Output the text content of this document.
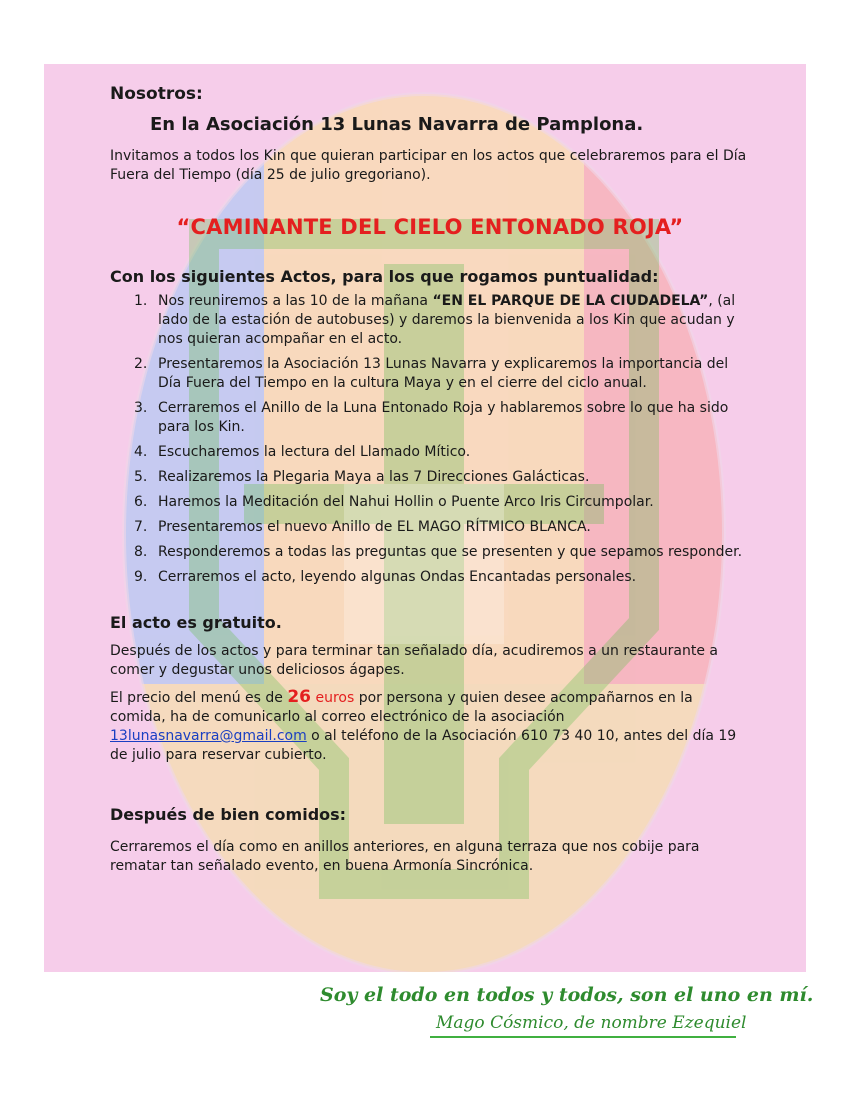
Nosotros:
En la Asociación 13 Lunas Navarra de Pamplona.

Invitamos a todos los Kin que quieran participar en los actos que celebraremos para el Día Fuera del Tiempo (día 25 de julio gregoriano).

“CAMINANTE DEL CIELO ENTONADO ROJA”
Con los siguientes Actos, para los que rogamos puntualidad:
1. Nos reuniremos a las 10 de la mañana “EN EL PARQUE DE LA CIUDADELA”, (al lado de la estación de autobuses) y daremos la bienvenida a los Kin que acudan y nos quieran acompañar en el acto.
2. Presentaremos la Asociación 13 Lunas Navarra y explicaremos la importancia del Día Fuera del Tiempo en la cultura Maya y en el cierre del ciclo anual.
3. Cerraremos el Anillo de la Luna Entonado Roja y hablaremos sobre lo que ha sido para los Kin.
4. Escucharemos la lectura del Llamado Mítico.
5. Realizaremos la Plegaria Maya a las 7 Direcciones Galácticas.
6. Haremos la Meditación del Nahui Hollin o Puente Arco Iris Circumpolar.
7. Presentaremos el nuevo Anillo de EL MAGO RÍTMICO BLANCA.
8. Responderemos a todas las preguntas que se presenten y que sepamos responder.
9. Cerraremos el acto, leyendo algunas Ondas Encantadas personales.
El acto es gratuito.

Después de los actos y para terminar tan señalado día, acudiremos a un restaurante a comer y degustar unos deliciosos ágapes.

El precio del menú es de 26 euros por persona y quien desee acompañarnos en la comida, ha de comunicarlo al correo electrónico de la asociación 13lunasnavarra@gmail.com o al teléfono de la Asociación 610 73 40 10, antes del día 19 de julio para reservar cubierto.

Después de bien comidos:

Cerraremos el día como en anillos anteriores, en alguna terraza que nos cobije para rematar tan señalado evento, en buena Armonía Sincrónica.

Soy el todo en todos y todos, son el uno en mí.
Mago Cósmico, de nombre Ezequiel
